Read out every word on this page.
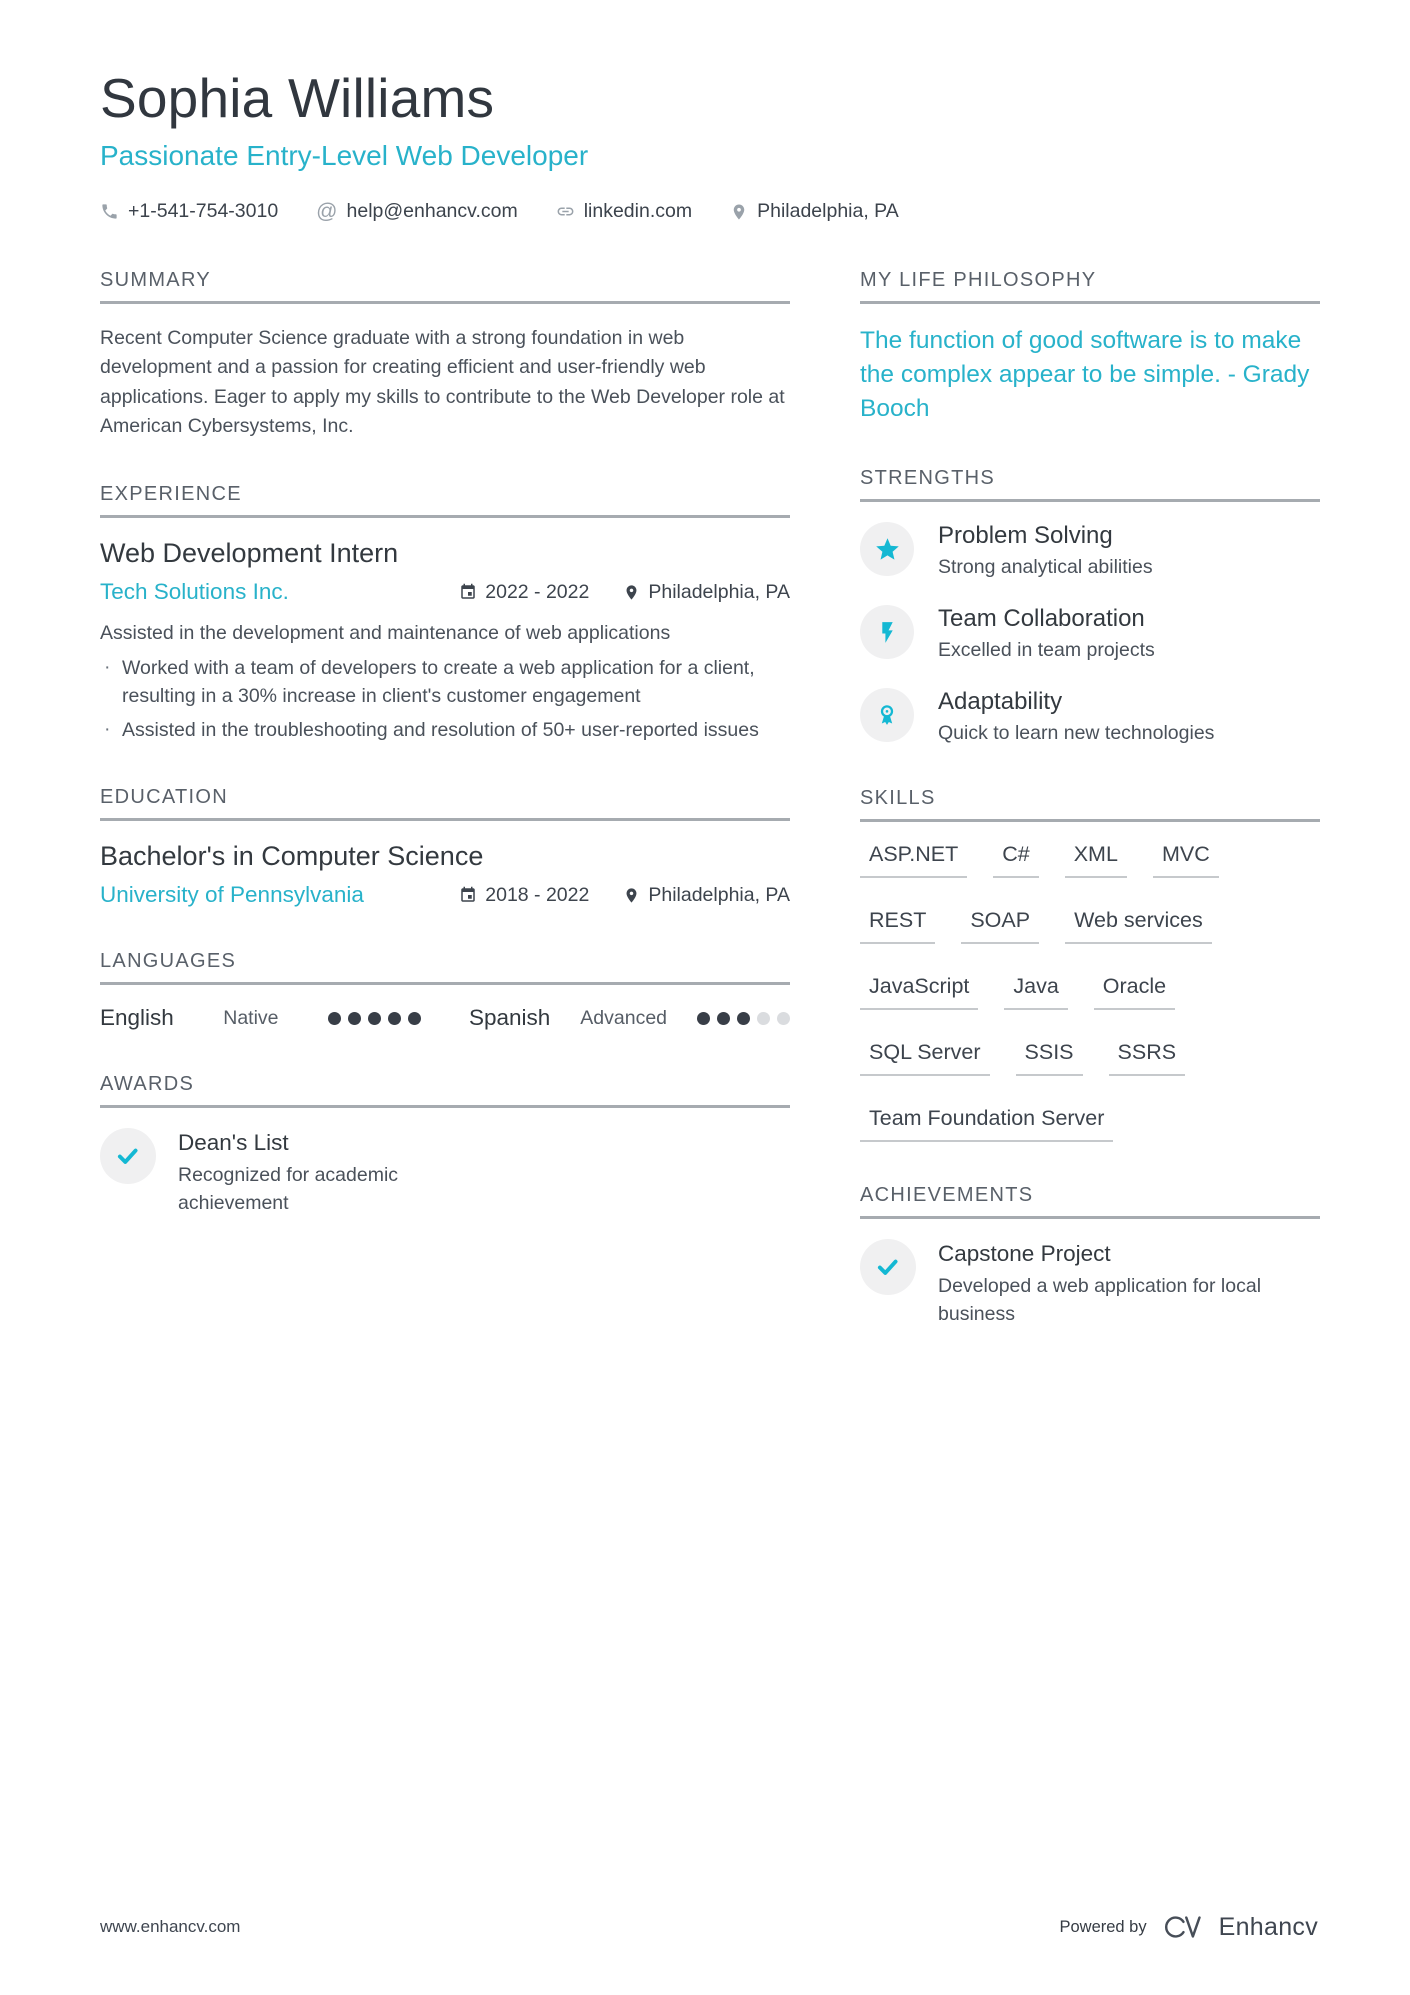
Sophia Williams
Passionate Entry-Level Web Developer
+1-541-754-3010 @ help@enhancv.com	linkedin.com	Philadelphia, PA
SUMMARY

Recent Computer Science graduate with a strong foundation in web development and a passion for creating efficient and user-friendly web applications. Eager to apply my skills to contribute to the Web Developer role at American Cybersystems, Inc.

EXPERIENCE
Web Development Intern
Tech Solutions Inc.	2022 - 2022	Philadelphia, PA
Assisted in the development and maintenance of web applications
· Worked with a team of developers to create a web application for a client, resulting in a 30% increase in client's customer engagement
· Assisted in the troubleshooting and resolution of 50+ user-reported issues
EDUCATION
Bachelor's in Computer Science
University of Pennsylvania	2018 - 2022	Philadelphia, PA
LANGUAGES
English	Native	Spanish Advanced
AWARDS
Dean's List
Recognized for academic achievement
MY LIFE PHILOSOPHY
The function of good software is to make the complex appear to be simple. - Grady Booch
STRENGTHS
Problem Solving
Strong analytical abilities
Team Collaboration
Excelled in team projects
Adaptability
Quick to learn new technologies
SKILLS
ASP.NET	C#	XML	MVC
REST	SOAP	Web services
JavaScript	Java	Oracle
SQL Server	SSIS	SSRS
Team Foundation Server
ACHIEVEMENTS
Capstone Project
Developed a web application for local business
www.enhancv.com	Powered by	Enhancv
